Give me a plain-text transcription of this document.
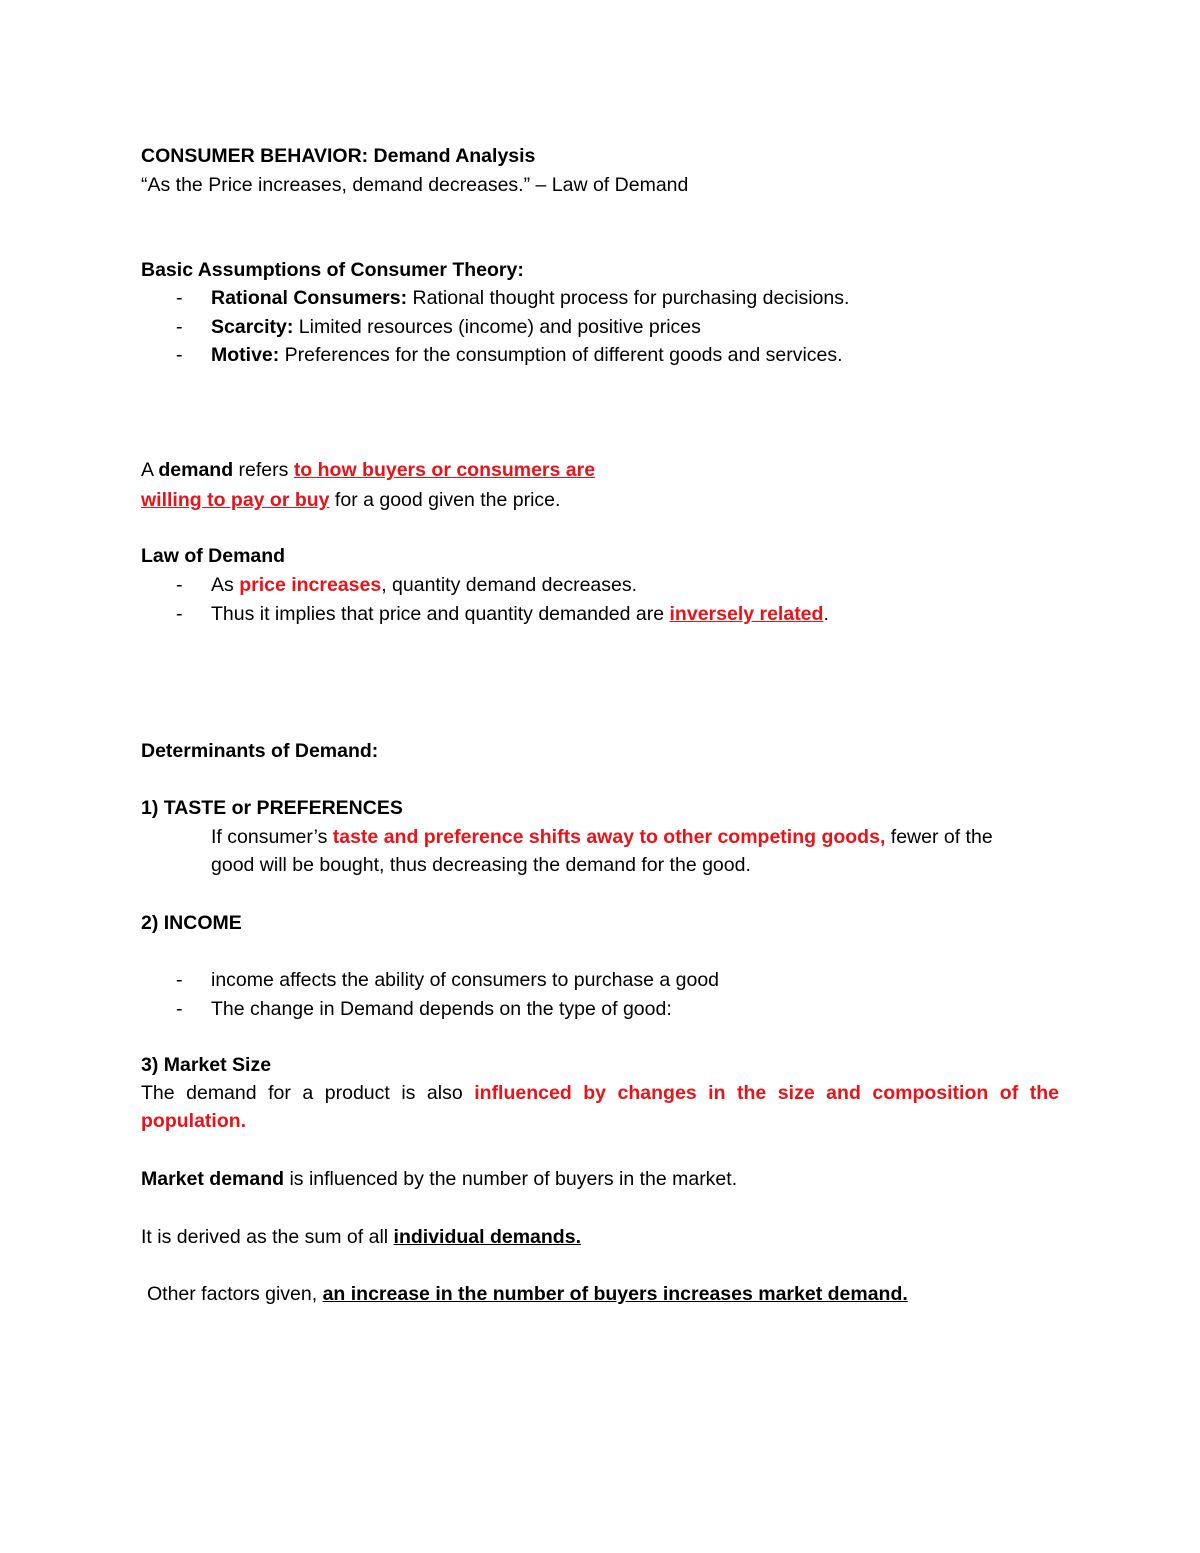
CONSUMER BEHAVIOR: Demand Analysis
“As the Price increases, demand decreases.” – Law of Demand
Basic Assumptions of Consumer Theory:
- Rational Consumers: Rational thought process for purchasing decisions.
- Scarcity: Limited resources (income) and positive prices
- Motive: Preferences for the consumption of different goods and services.
A demand refers to how buyers or consumers are
willing to pay or buy for a good given the price.
Law of Demand
- As price increases, quantity demand decreases.
- Thus it implies that price and quantity demanded are inversely related.
Determinants of Demand:
1) TASTE or PREFERENCES
If consumer’s taste and preference shifts away to other competing goods, fewer of the
good will be bought, thus decreasing the demand for the good.
2) INCOME
- income affects the ability of consumers to purchase a good
- The change in Demand depends on the type of good:
3) Market Size
The demand for a product is also influenced by changes in the size and composition of the
population.
Market demand is influenced by the number of buyers in the market.
It is derived as the sum of all individual demands.
Other factors given, an increase in the number of buyers increases market demand.
